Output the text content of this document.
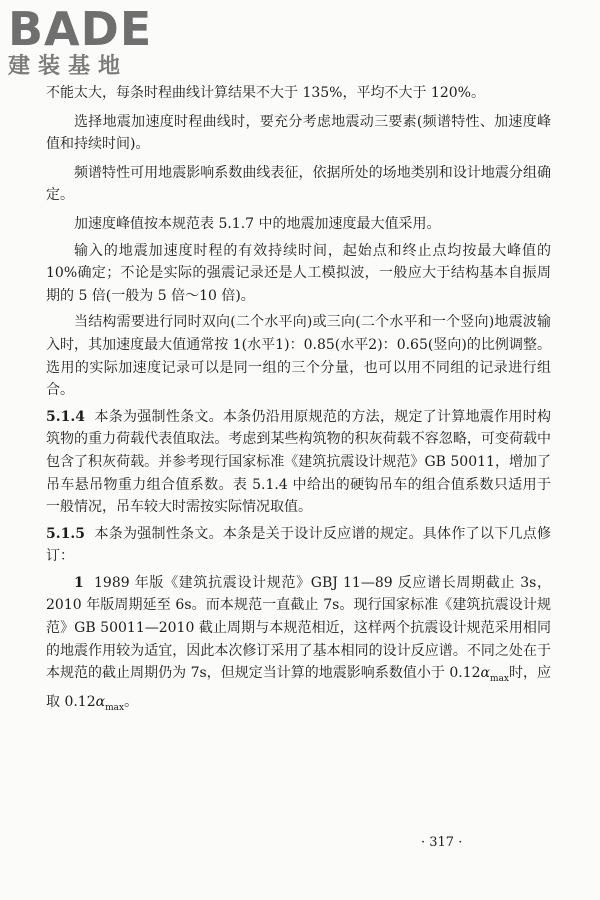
BADE
建装基地

不能太大，每条时程曲线计算结果不大于 135%，平均不大于 120%。

选择地震加速度时程曲线时，要充分考虑地震动三要素(频谱特性、加速度峰值和持续时间)。

频谱特性可用地震影响系数曲线表征，依据所处的场地类别和设计地震分组确定。

加速度峰值按本规范表 5.1.7 中的地震加速度最大值采用。

输入的地震加速度时程的有效持续时间，起始点和终止点均按最大峰值的 10%确定；不论是实际的强震记录还是人工模拟波，一般应大于结构基本自振周期的 5 倍(一般为 5 倍～10 倍)。

当结构需要进行同时双向(二个水平向)或三向(二个水平和一个竖向)地震波输入时，其加速度最大值通常按 1(水平1)：0.85(水平2)：0.65(竖向)的比例调整。选用的实际加速度记录可以是同一组的三个分量，也可以用不同组的记录进行组合。

5.1.4 本条为强制性条文。本条仍沿用原规范的方法，规定了计算地震作用时构筑物的重力荷载代表值取法。考虑到某些构筑物的积灰荷载不容忽略，可变荷载中包含了积灰荷载。并参考现行国家标准《建筑抗震设计规范》GB 50011，增加了吊车悬吊物重力组合值系数。表 5.1.4 中给出的硬钩吊车的组合值系数只适用于一般情况，吊车较大时需按实际情况取值。

5.1.5 本条为强制性条文。本条是关于设计反应谱的规定。具体作了以下几点修订：

1 1989 年版《建筑抗震设计规范》GBJ 11—89 反应谱长周期截止 3s，2010 年版周期延至 6s。而本规范一直截止 7s。现行国家标准《建筑抗震设计规范》GB 50011—2010 截止周期与本规范相近，这样两个抗震设计规范采用相同的地震作用较为适宜，因此本次修订采用了基本相同的设计反应谱。不同之处在于本规范的截止周期仍为 7s，但规定当计算的地震影响系数值小于 $0.12\alpha_{max}$时，应取 $0.12\alpha_{max}$。

· 317 ·
